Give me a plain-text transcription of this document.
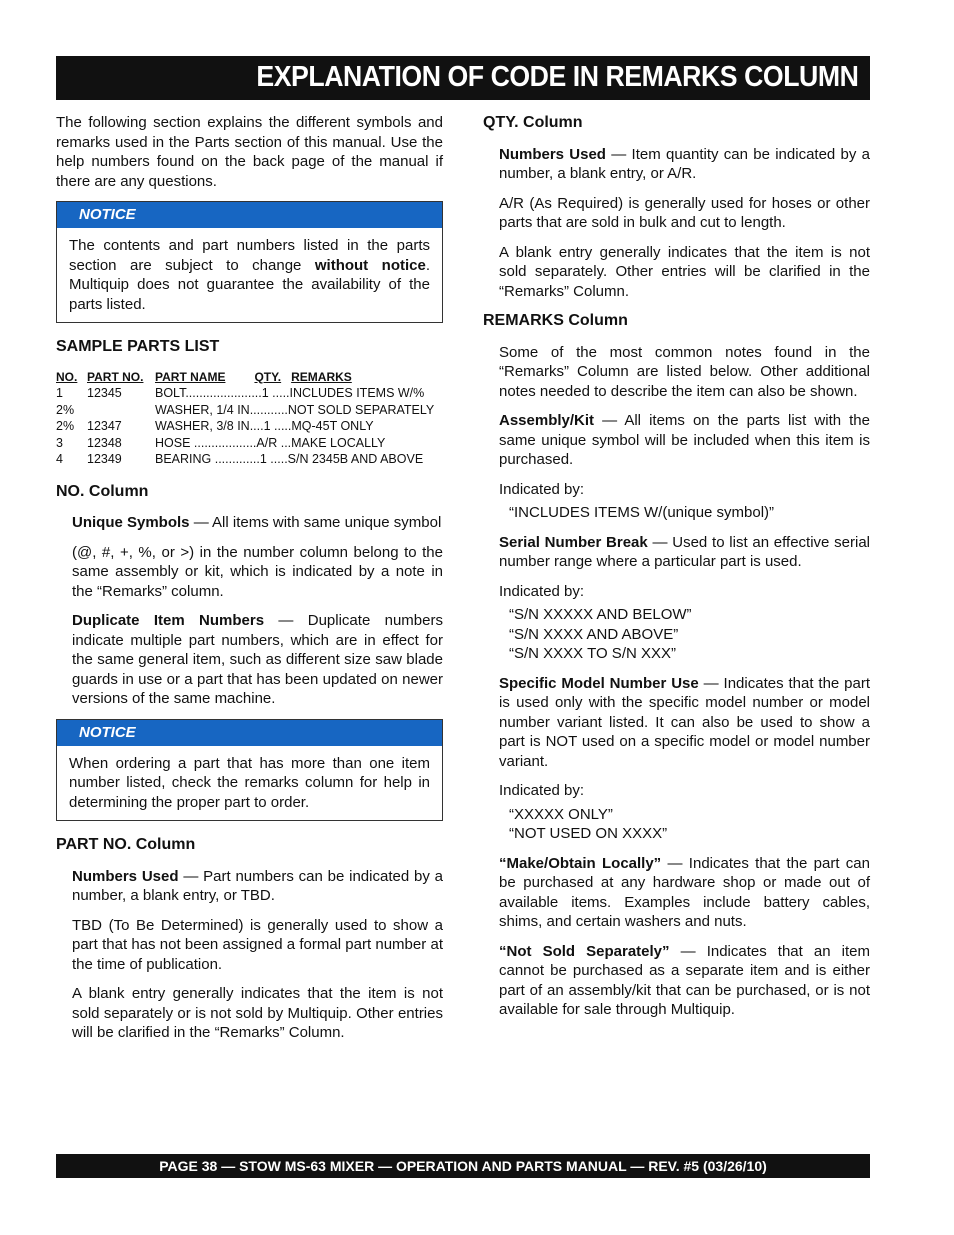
EXPLANATION OF CODE IN REMARKS COLUMN

The following section explains the different symbols and remarks used in the Parts section of this manual. Use the help numbers found on the back page of the manual if there are any questions.

NOTICE
The contents and part numbers listed in the parts section are subject to change without notice. Multiquip does not guarantee the availability of the parts listed.
SAMPLE PARTS LIST
NO.	PART NO.	PART NAME QTY. REMARKS
1	12345	BOLT......................1 .....INCLUDES ITEMS W/%
2%		WASHER, 1/4 IN...........NOT SOLD SEPARATELY
2%	12347	WASHER, 3/8 IN....1 .....MQ-45T ONLY
3	12348	HOSE ..................A/R ...MAKE LOCALLY
4	12349	BEARING .............1 .....S/N 2345B AND ABOVE
NO. Column

Unique Symbols — All items with same unique symbol

(@, #, +, %, or >) in the number column belong to the same assembly or kit, which is indicated by a note in the “Remarks” column.

Duplicate Item Numbers — Duplicate numbers indicate multiple part numbers, which are in effect for the same general item, such as different size saw blade guards in use or a part that has been updated on newer versions of the same machine.

NOTICE
When ordering a part that has more than one item number listed, check the remarks column for help in determining the proper part to order.
PART NO. Column

Numbers Used — Part numbers can be indicated by a number, a blank entry, or TBD.

TBD (To Be Determined) is generally used to show a part that has not been assigned a formal part number at the time of publication.

A blank entry generally indicates that the item is not sold separately or is not sold by Multiquip. Other entries will be clarified in the “Remarks” Column.

QTY. Column

Numbers Used — Item quantity can be indicated by a number, a blank entry, or A/R.

A/R (As Required) is generally used for hoses or other parts that are sold in bulk and cut to length.

A blank entry generally indicates that the item is not sold separately. Other entries will be clarified in the “Remarks” Column.

REMARKS Column

Some of the most common notes found in the “Remarks” Column are listed below. Other additional notes needed to describe the item can also be shown.

Assembly/Kit — All items on the parts list with the same unique symbol will be included when this item is purchased.

Indicated by:

“INCLUDES ITEMS W/(unique symbol)”

Serial Number Break — Used to list an effective serial number range where a particular part is used.

Indicated by:

“S/N XXXXX AND BELOW”
“S/N XXXX AND ABOVE”
“S/N XXXX TO S/N XXX”

Specific Model Number Use — Indicates that the part is used only with the specific model number or model number variant listed. It can also be used to show a part is NOT used on a specific model or model number variant.

Indicated by:

“XXXXX ONLY”
“NOT USED ON XXXX”

“Make/Obtain Locally” — Indicates that the part can be purchased at any hardware shop or made out of available items. Examples include battery cables, shims, and certain washers and nuts.

“Not Sold Separately” — Indicates that an item cannot be purchased as a separate item and is either part of an assembly/kit that can be purchased, or is not available for sale through Multiquip.

PAGE 38 — STOW MS-63 MIXER — OPERATION AND PARTS MANUAL — REV. #5 (03/26/10)
